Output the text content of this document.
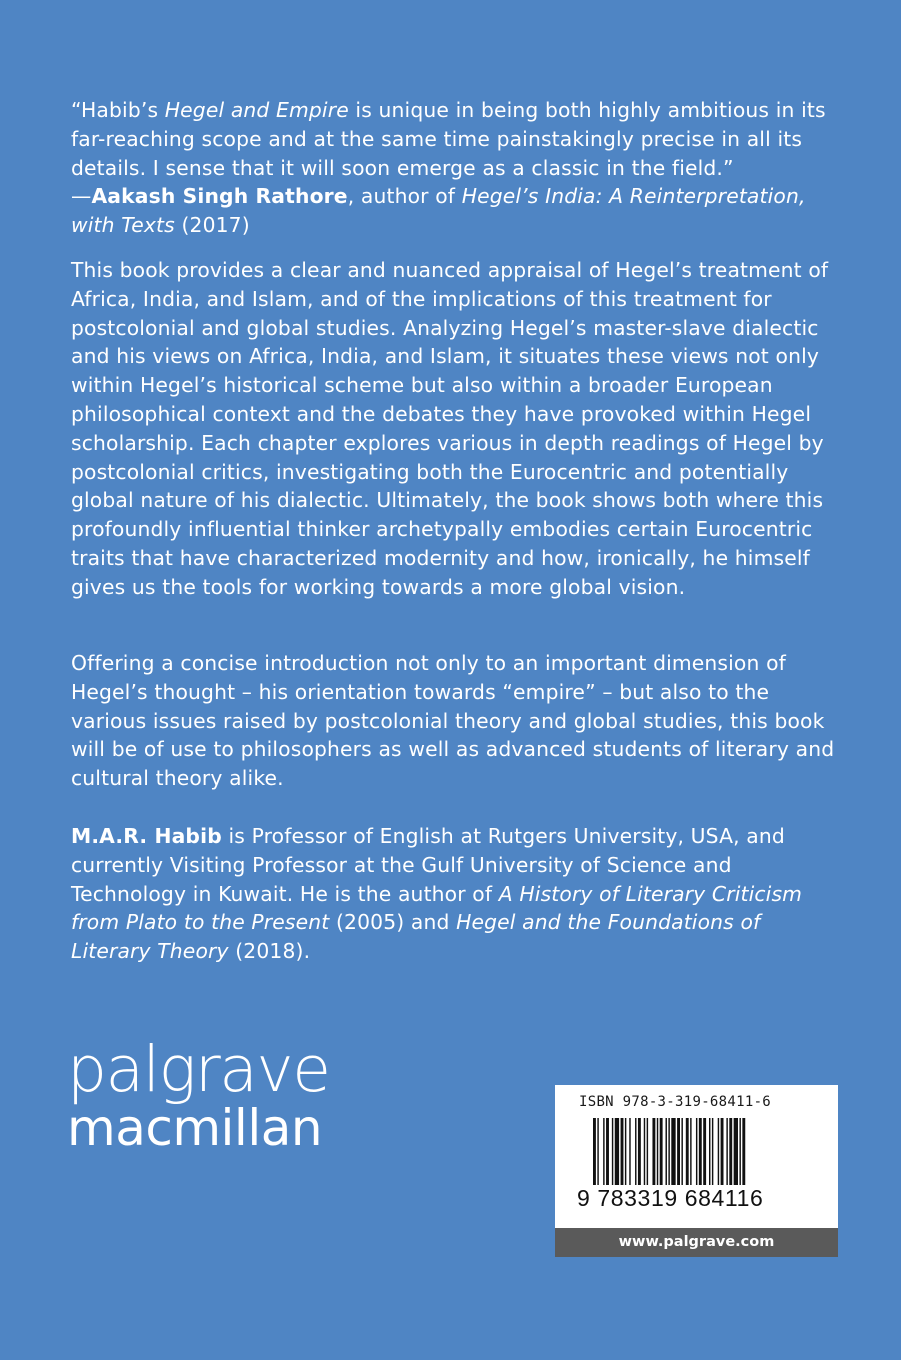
“Habib’s Hegel and Empire is unique in being both highly ambitious in its far-reaching scope and at the same time painstakingly precise in all its details. I sense that it will soon emerge as a classic in the field.”
—Aakash Singh Rathore, author of Hegel’s India: A Reinterpretation, with Texts (2017)

This book provides a clear and nuanced appraisal of Hegel’s treatment of Africa, India, and Islam, and of the implications of this treatment for postcolonial and global studies. Analyzing Hegel’s master-slave dialectic and his views on Africa, India, and Islam, it situates these views not only within Hegel’s historical scheme but also within a broader European philosophical context and the debates they have provoked within Hegel scholarship. Each chapter explores various in depth readings of Hegel by postcolonial critics, investigating both the Eurocentric and potentially global nature of his dialectic. Ultimately, the book shows both where this profoundly influential thinker archetypally embodies certain Eurocentric traits that have characterized modernity and how, ironically, he himself gives us the tools for working towards a more global vision.

Offering a concise introduction not only to an important dimension of Hegel’s thought – his orientation towards “empire” – but also to the various issues raised by postcolonial theory and global studies, this book will be of use to philosophers as well as advanced students of literary and cultural theory alike.

M.A.R. Habib is Professor of English at Rutgers University, USA, and currently Visiting Professor at the Gulf University of Science and Technology in Kuwait. He is the author of A History of Literary Criticism from Plato to the Present (2005) and Hegel and the Foundations of Literary Theory (2018).

palgrave
macmillan	ISBN 978-3-319-68411-6
9 783319 684116
www.palgrave.com
